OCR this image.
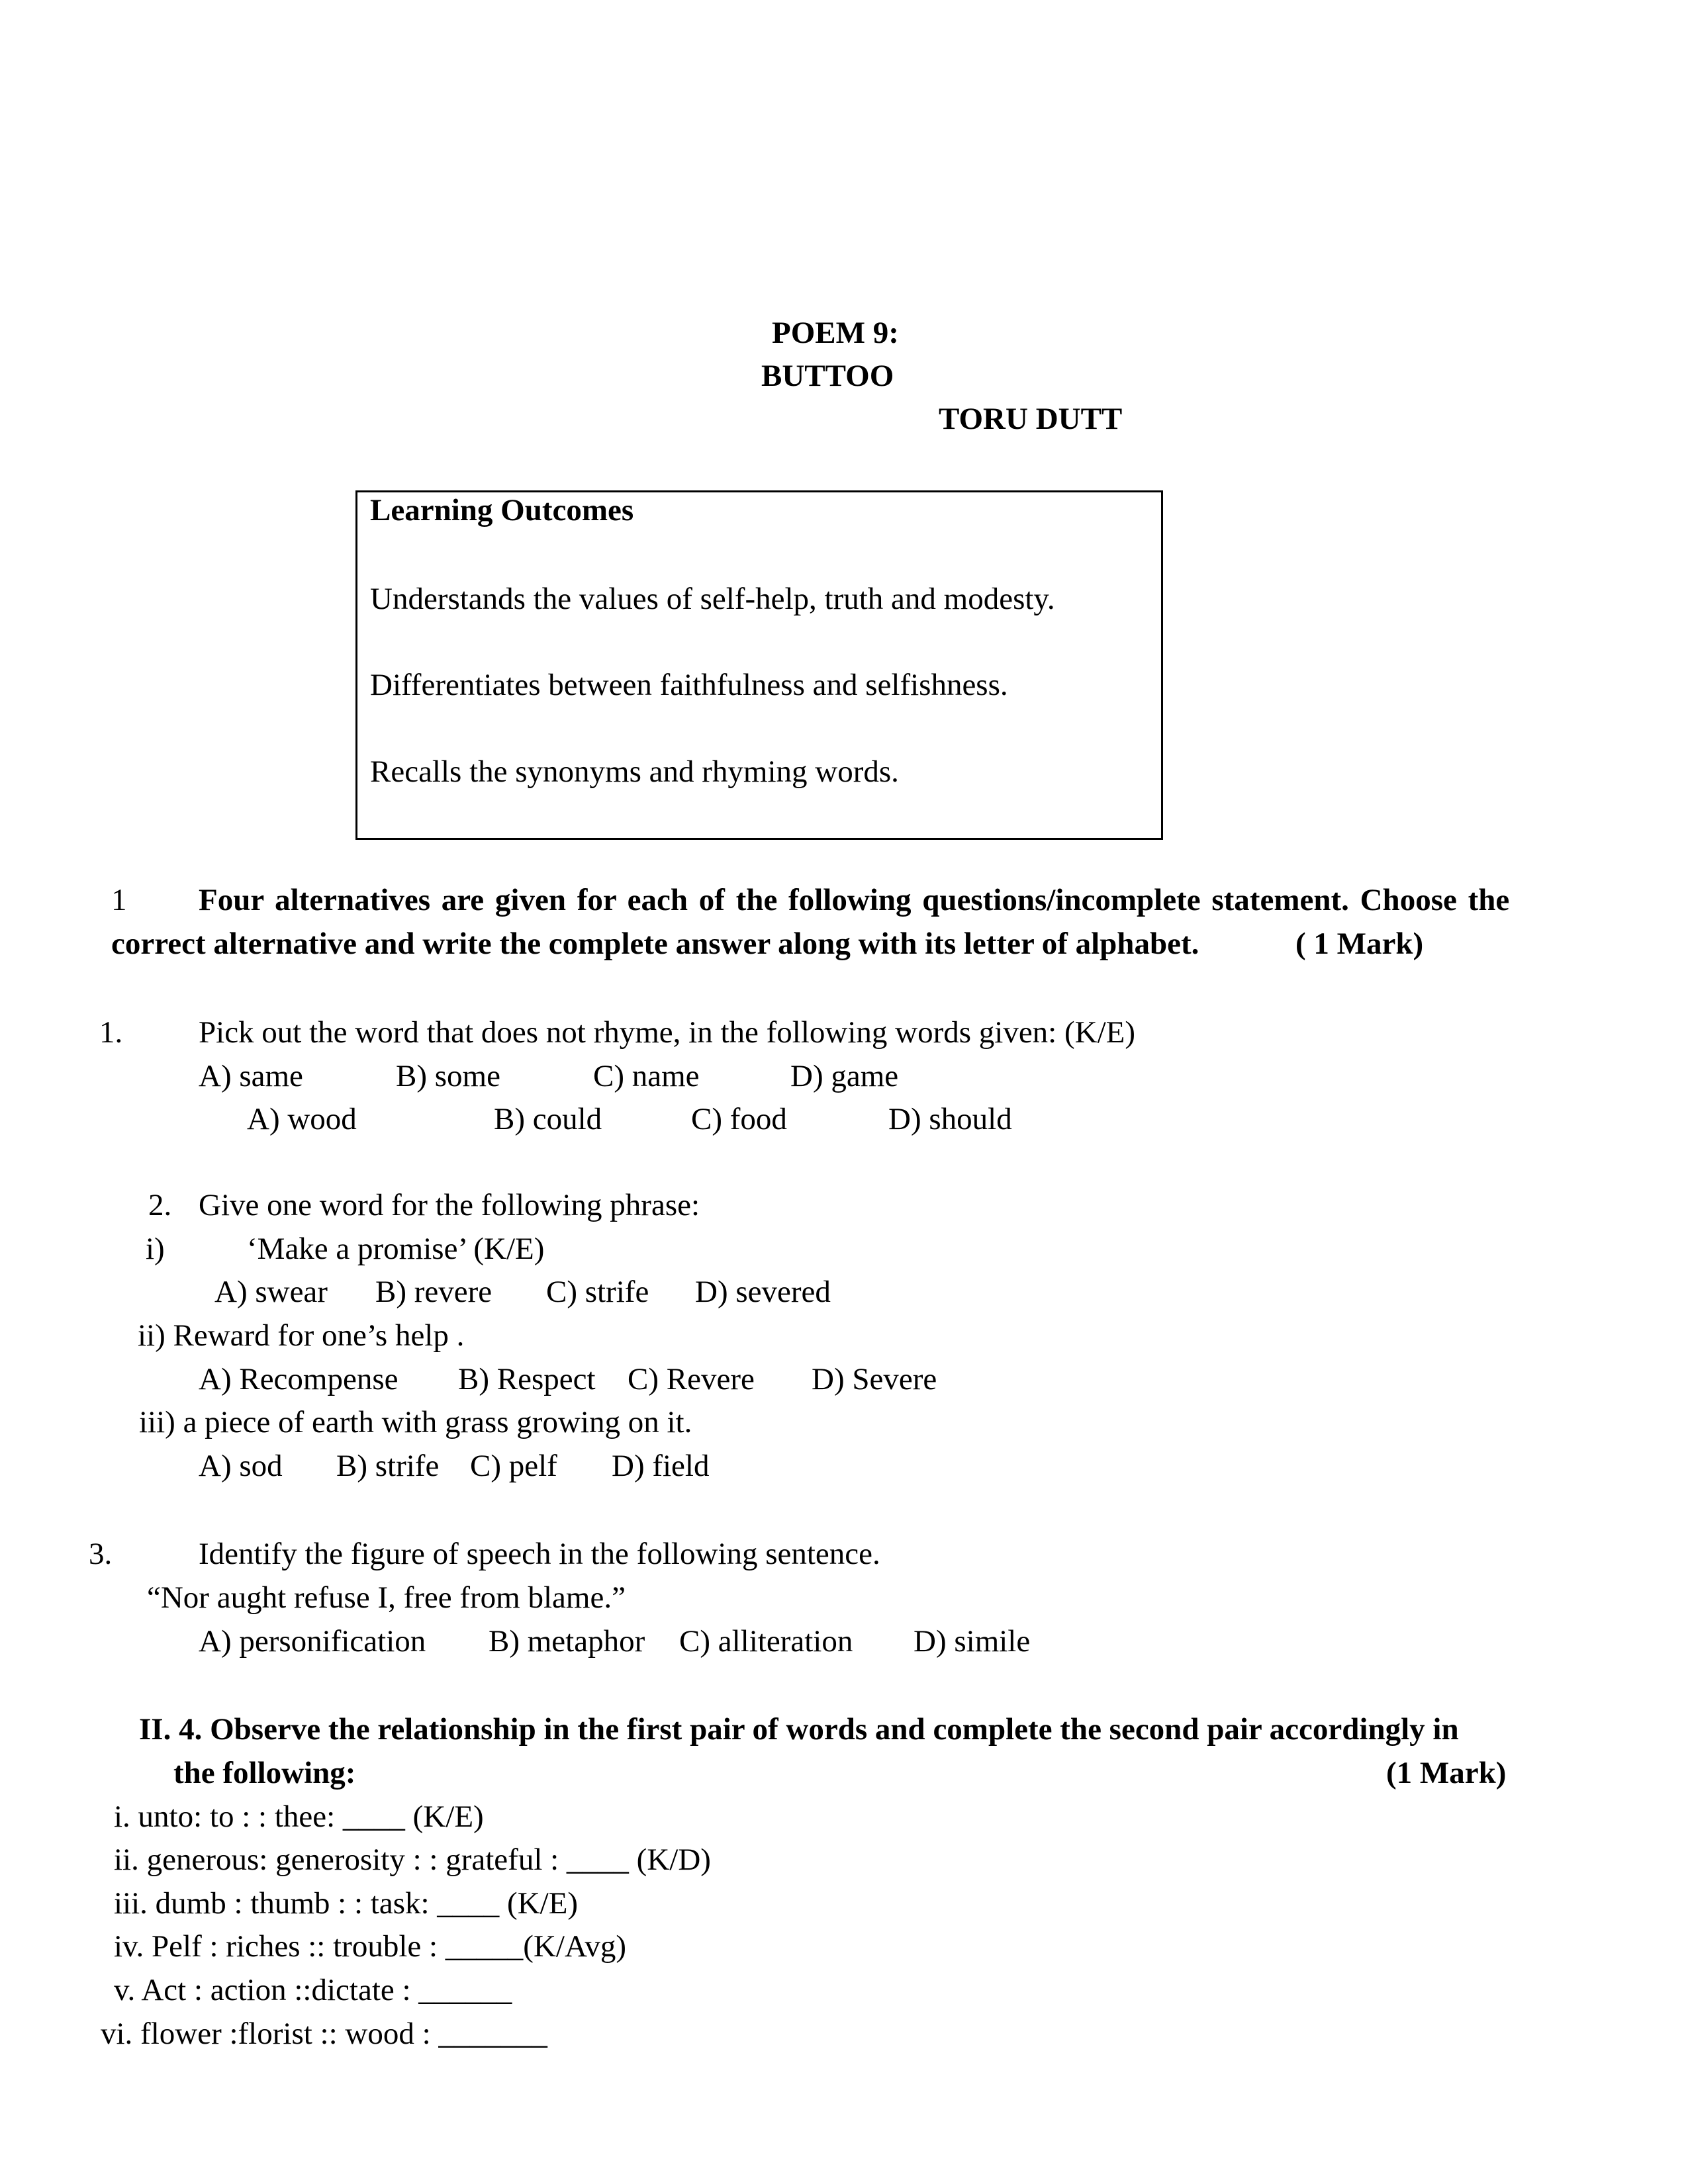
POEM 9:
BUTTOO
TORU DUTT
Learning Outcomes
Understands the values of self-help, truth and modesty.
Differentiates between faithfulness and selfishness.
Recalls the synonyms and rhyming words.
1 Four alternatives are given for each of the following questions/incomplete statement. Choose the
correct alternative and write the complete answer along with its letter of alphabet.	( 1 Mark)
1. Pick out the word that does not rhyme, in the following words given: (K/E)
A) same	B) some	C) name	D) game
A) wood	B) could	C) food	D) should
2. Give one word for the following phrase:
i)	‘Make a promise’ (K/E)
A) swear B) revere C) strife D) severed
ii) Reward for one’s help .
A) Recompense B) Respect C) Revere D) Severe
iii) a piece of earth with grass growing on it.
A) sod B) strife C) pelf D) field
3.	Identify the figure of speech in the following sentence.
“Nor aught refuse I, free from blame.”
A) personification B) metaphor C) alliteration D) simile
II. 4. Observe the relationship in the first pair of words and complete the second pair accordingly in
the following:	(1 Mark)
i. unto: to : : thee: ____ (K/E)
ii. generous: generosity : : grateful : ____ (K/D)
iii. dumb : thumb : : task: ____ (K/E)
iv. Pelf : riches :: trouble : _____(K/Avg)
v. Act : action ::dictate : ______
vi. flower :florist :: wood : _______
